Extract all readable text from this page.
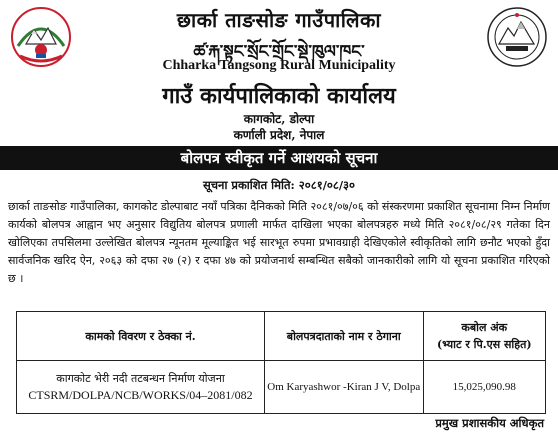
छार्का ताङसोङ गाउँपालिका
ཚ་རྐ་སྟང་སྲོང་གྲོང་སྡེ་ཁུལ་ཁང་
Chharka Tangsong Rural Municipality
गाउँ कार्यपालिकाको कार्यालय
कागकोट, डोल्पा
कर्णाली प्रदेश, नेपाल
बोलपत्र स्वीकृत गर्ने आशयको सूचना
सूचना प्रकाशित मिति: २०८१/०८/३०
छार्का ताङसोङ गाउँपालिका, कागकोट डोल्पाबाट नयाँ पत्रिका दैनिकको मिति २०८१/०७/०६ को संस्करणमा प्रकाशित सूचनामा निम्न निर्माण कार्यको बोलपत्र आह्वान भए अनुसार विद्युतिय बोलपत्र प्रणाली मार्फत दाखिला भएका बोलपत्रहरु मध्ये मिति २०८१/०८/२९ गतेका दिन खोलिएका तपसिलमा उल्लेखित बोलपत्र न्यूनतम मूल्याङ्कित भई सारभूत रुपमा प्रभावग्राही देखिएकोले स्वीकृतिको लागि छनौट भएको हुँदा सार्वजनिक खरिद ऐन, २०६३ को दफा २७ (२) र दफा ४७ को प्रयोजनार्थ सम्बन्धित सबैको जानकारीको लागि यो सूचना प्रकाशित गरिएको छ ।
कामको विवरण र ठेक्का नं.	बोलपत्रदाताको नाम र ठेगाना	कबोल अंक
(भ्याट र पि.एस सहित)

कागकोट भेरी नदी तटबन्धन निर्माण योजना
CTSRM/DOLPA/NCB/WORKS/04–2081/082	Om Karyashwor -Kiran J V, Dolpa	15,025,090.98
प्रमुख प्रशासकीय अधिकृत
